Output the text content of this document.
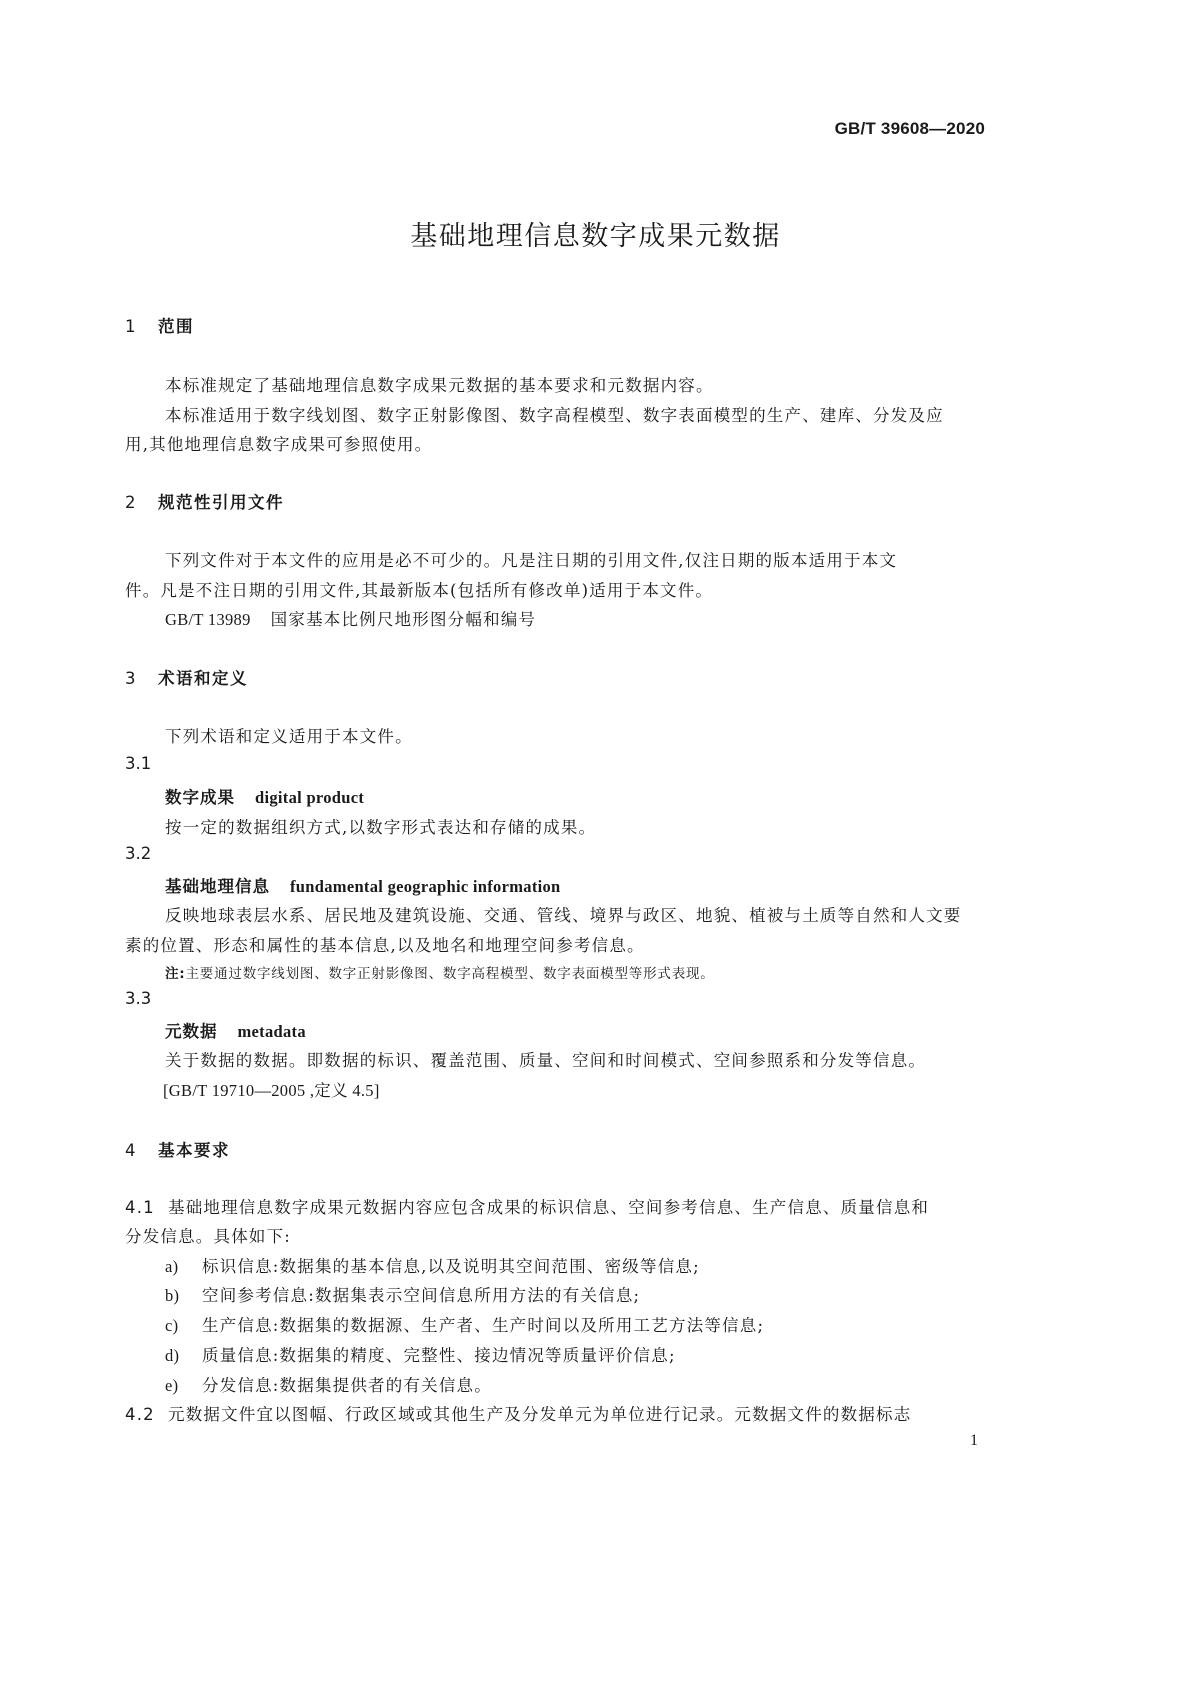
GB/T 39608—2020
基础地理信息数字成果元数据
1 范围
本标准规定了基础地理信息数字成果元数据的基本要求和元数据内容。
本标准适用于数字线划图、数字正射影像图、数字高程模型、数字表面模型的生产、建库、分发及应
用,其他地理信息数字成果可参照使用。
2 规范性引用文件
下列文件对于本文件的应用是必不可少的。凡是注日期的引用文件,仅注日期的版本适用于本文
件。凡是不注日期的引用文件,其最新版本(包括所有修改单)适用于本文件。
GB/T 13989 国家基本比例尺地形图分幅和编号
3 术语和定义
下列术语和定义适用于本文件。
3.1
数字成果 digital product
按一定的数据组织方式,以数字形式表达和存储的成果。
3.2
基础地理信息 fundamental geographic information
反映地球表层水系、居民地及建筑设施、交通、管线、境界与政区、地貌、植被与土质等自然和人文要
素的位置、形态和属性的基本信息,以及地名和地理空间参考信息。
注:主要通过数字线划图、数字正射影像图、数字高程模型、数字表面模型等形式表现。
3.3
元数据 metadata
关于数据的数据。即数据的标识、覆盖范围、质量、空间和时间模式、空间参照系和分发等信息。
[GB/T 19710—2005 ,定义 4.5]
4 基本要求
4.1 基础地理信息数字成果元数据内容应包含成果的标识信息、空间参考信息、生产信息、质量信息和
分发信息。具体如下:
a) 标识信息:数据集的基本信息,以及说明其空间范围、密级等信息;
b) 空间参考信息:数据集表示空间信息所用方法的有关信息;
c) 生产信息:数据集的数据源、生产者、生产时间以及所用工艺方法等信息;
d) 质量信息:数据集的精度、完整性、接边情况等质量评价信息;
e) 分发信息:数据集提供者的有关信息。
4.2 元数据文件宜以图幅、行政区域或其他生产及分发单元为单位进行记录。元数据文件的数据标志
1
